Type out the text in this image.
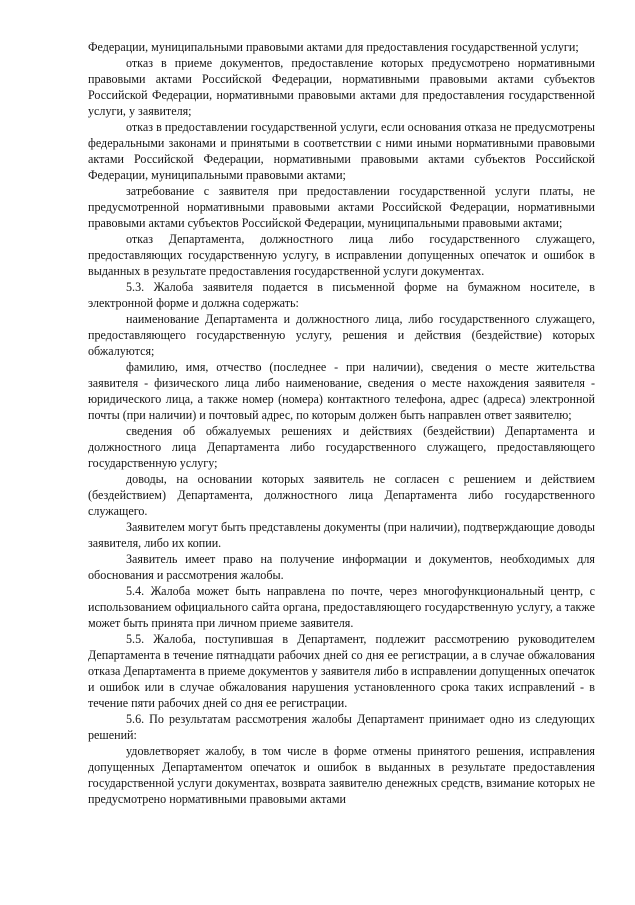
Федерации, муниципальными правовыми актами для предоставления государственной услуги;

отказ в приеме документов, предоставление которых предусмотрено нормативными правовыми актами Российской Федерации, нормативными правовыми актами субъектов Российской Федерации, нормативными правовыми актами для предоставления государственной услуги, у заявителя;

отказ в предоставлении государственной услуги, если основания отказа не предусмотрены федеральными законами и принятыми в соответствии с ними иными нормативными правовыми актами Российской Федерации, нормативными правовыми актами субъектов Российской Федерации, муниципальными правовыми актами;

затребование с заявителя при предоставлении государственной услуги платы, не предусмотренной нормативными правовыми актами Российской Федерации, нормативными правовыми актами субъектов Российской Федерации, муниципальными правовыми актами;

отказ Департамента, должностного лица либо государственного служащего, предоставляющих государственную услугу, в исправлении допущенных опечаток и ошибок в выданных в результате предоставления государственной услуги документах.

5.3. Жалоба заявителя подается в письменной форме на бумажном носителе, в электронной форме и должна содержать:

наименование Департамента и должностного лица, либо государственного служащего, предоставляющего государственную услугу, решения и действия (бездействие) которых обжалуются;

фамилию, имя, отчество (последнее - при наличии), сведения о месте жительства заявителя - физического лица либо наименование, сведения о месте нахождения заявителя - юридического лица, а также номер (номера) контактного телефона, адрес (адреса) электронной почты (при наличии) и почтовый адрес, по которым должен быть направлен ответ заявителю;

сведения об обжалуемых решениях и действиях (бездействии) Департамента и должностного лица Департамента либо государственного служащего, предоставляющего государственную услугу;

доводы, на основании которых заявитель не согласен с решением и действием (бездействием) Департамента, должностного лица Департамента либо государственного служащего.

Заявителем могут быть представлены документы (при наличии), подтверждающие доводы заявителя, либо их копии.

Заявитель имеет право на получение информации и документов, необходимых для обоснования и рассмотрения жалобы.

5.4. Жалоба может быть направлена по почте, через многофункциональный центр, с использованием официального сайта органа, предоставляющего государственную услугу, а также может быть принята при личном приеме заявителя.

5.5. Жалоба, поступившая в Департамент, подлежит рассмотрению руководителем Департамента в течение пятнадцати рабочих дней со дня ее регистрации, а в случае обжалования отказа Департамента в приеме документов у заявителя либо в исправлении допущенных опечаток и ошибок или в случае обжалования нарушения установленного срока таких исправлений - в течение пяти рабочих дней со дня ее регистрации.

5.6. По результатам рассмотрения жалобы Департамент принимает одно из следующих решений:

удовлетворяет жалобу, в том числе в форме отмены принятого решения, исправления допущенных Департаментом опечаток и ошибок в выданных в результате предоставления государственной услуги документах, возврата заявителю денежных средств, взимание которых не предусмотрено нормативными правовыми актами
